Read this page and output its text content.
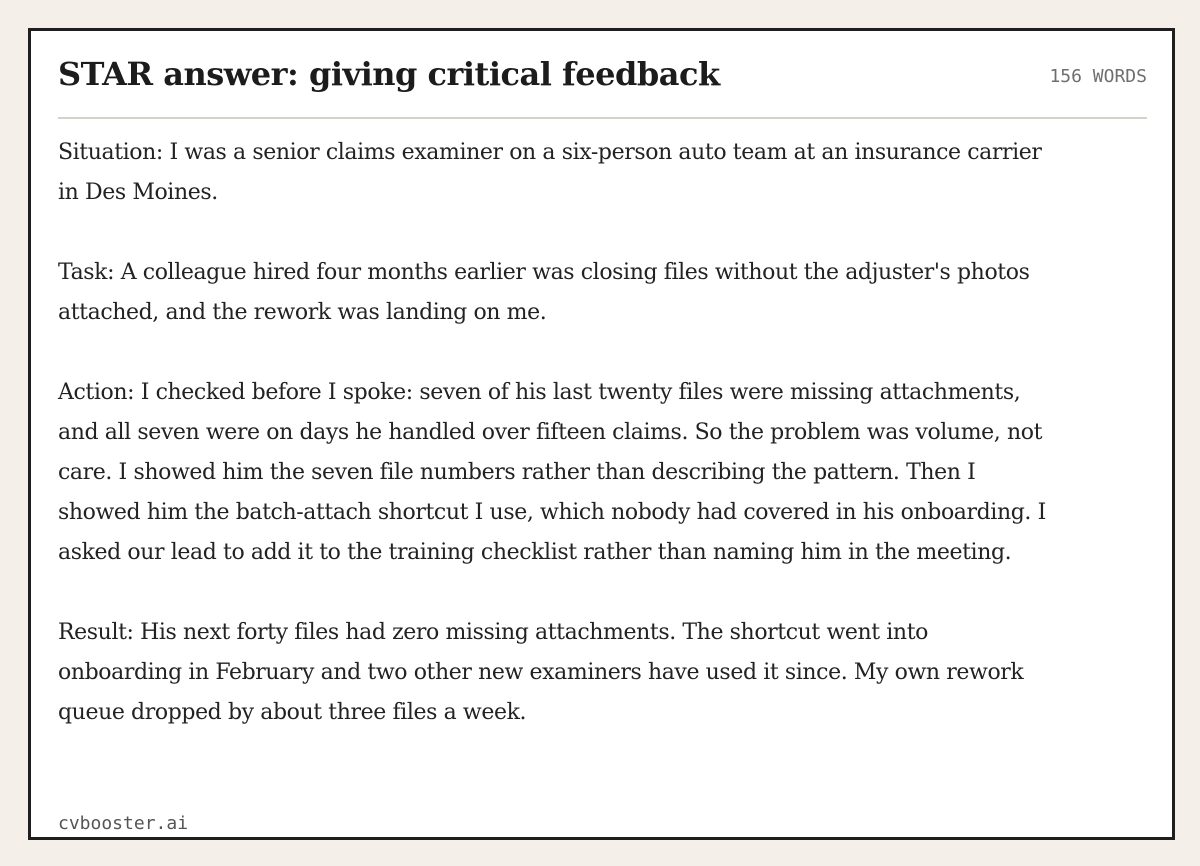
STAR answer: giving critical feedback	156 WORDS

Situation: I was a senior claims examiner on a six-person auto team at an insurance carrier in Des Moines.

Task: A colleague hired four months earlier was closing files without the adjuster's photos attached, and the rework was landing on me.

Action: I checked before I spoke: seven of his last twenty files were missing attachments, and all seven were on days he handled over fifteen claims. So the problem was volume, not care. I showed him the seven file numbers rather than describing the pattern. Then I showed him the batch-attach shortcut I use, which nobody had covered in his onboarding. I asked our lead to add it to the training checklist rather than naming him in the meeting.

Result: His next forty files had zero missing attachments. The shortcut went into onboarding in February and two other new examiners have used it since. My own rework queue dropped by about three files a week.

cvbooster.ai
